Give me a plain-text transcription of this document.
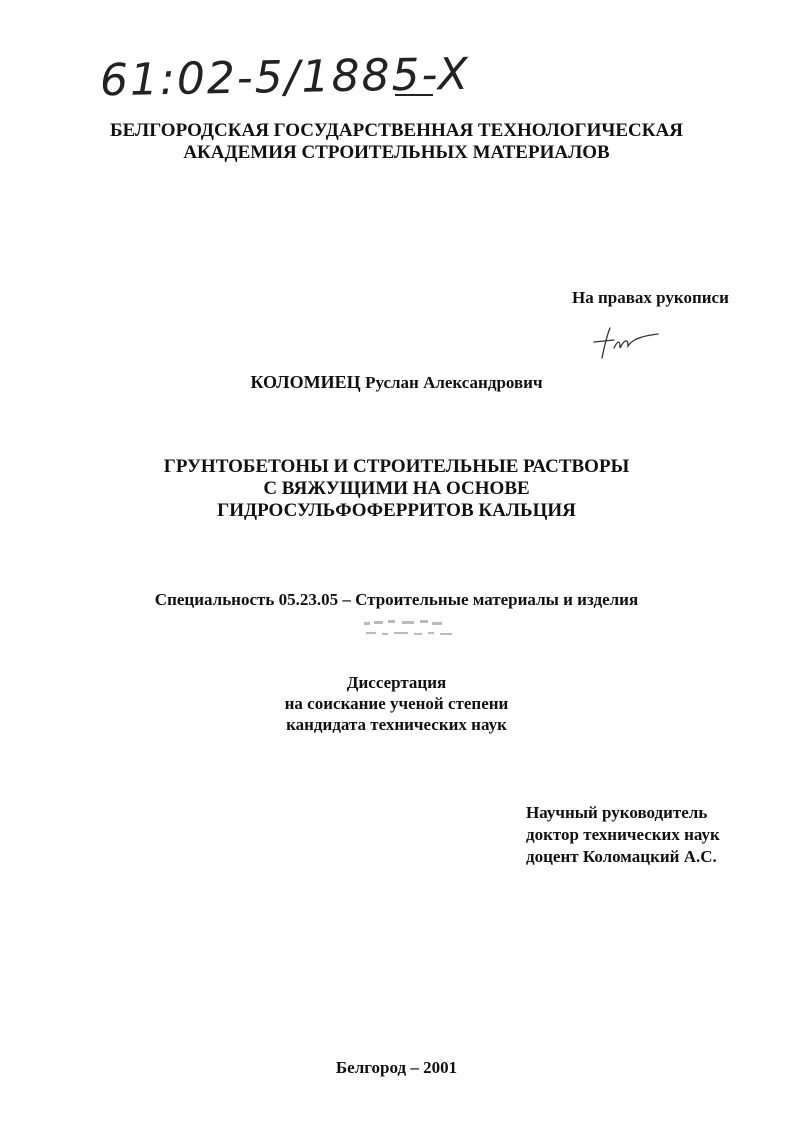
61:02-5/1885-X
БЕЛГОРОДСКАЯ ГОСУДАРСТВЕННАЯ ТЕХНОЛОГИЧЕСКАЯ
АКАДЕМИЯ СТРОИТЕЛЬНЫХ МАТЕРИАЛОВ
На правах рукописи
КОЛОМИЕЦ Руслан Александрович
ГРУНТОБЕТОНЫ И СТРОИТЕЛЬНЫЕ РАСТВОРЫ
С ВЯЖУЩИМИ НА ОСНОВЕ
ГИДРОСУЛЬФОФЕРРИТОВ КАЛЬЦИЯ
Специальность 05.23.05 – Строительные материалы и изделия
Диссертация
на соискание ученой степени
кандидата технических наук
Научный руководитель
доктор технических наук
доцент Коломацкий А.С.
Белгород – 2001
